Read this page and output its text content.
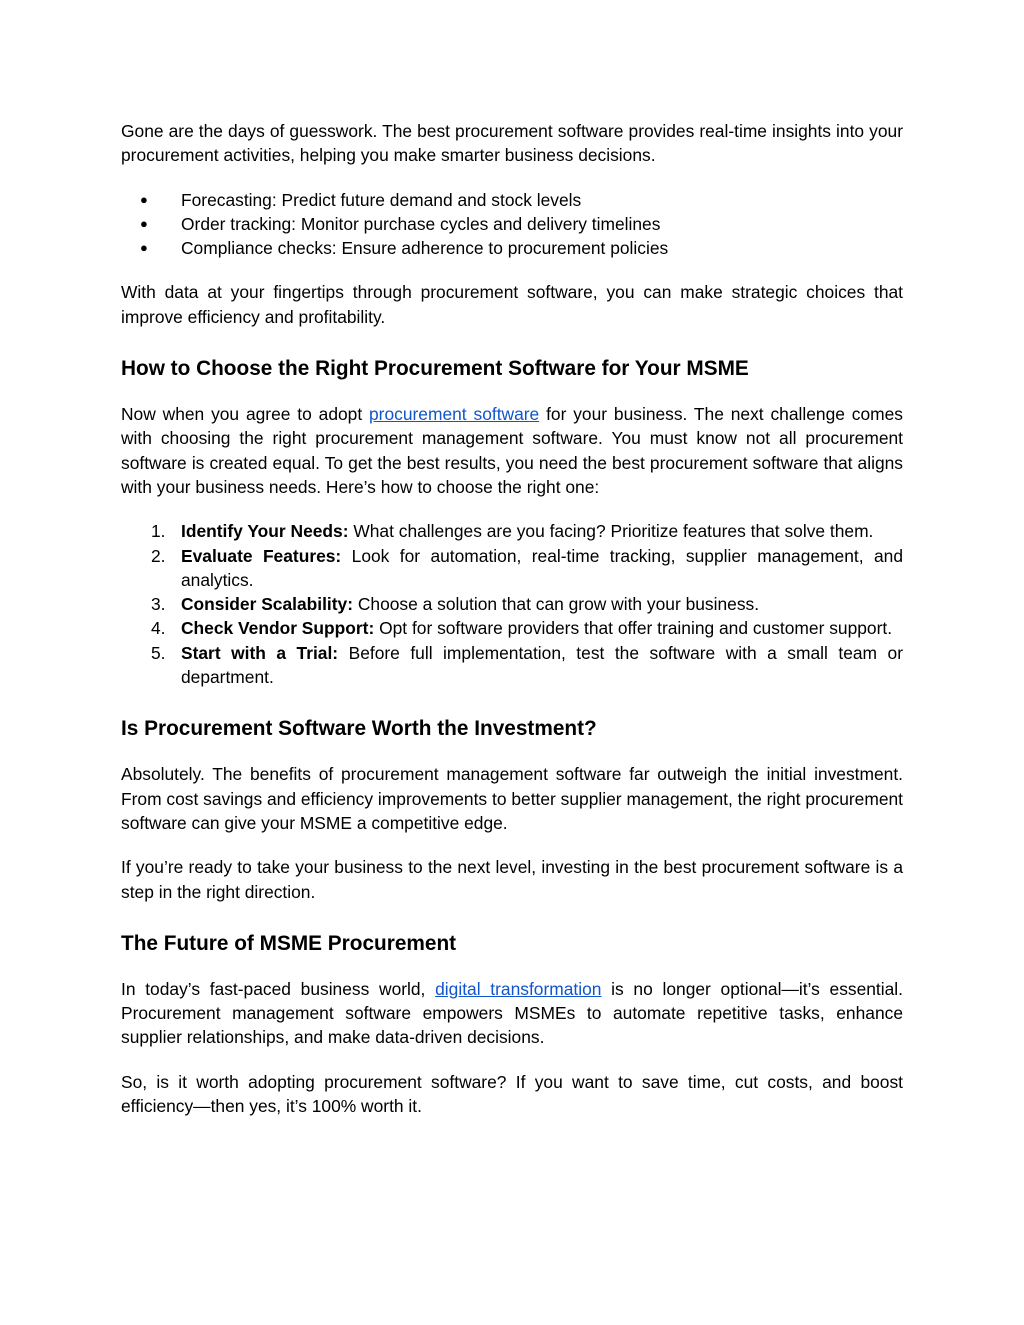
Gone are the days of guesswork. The best procurement software provides real-time insights into your procurement activities, helping you make smarter business decisions.

● Forecasting: Predict future demand and stock levels
● Order tracking: Monitor purchase cycles and delivery timelines
● Compliance checks: Ensure adherence to procurement policies

With data at your fingertips through procurement software, you can make strategic choices that improve efficiency and profitability.

How to Choose the Right Procurement Software for Your MSME

Now when you agree to adopt procurement software for your business. The next challenge comes with choosing the right procurement management software. You must know not all procurement software is created equal. To get the best results, you need the best procurement software that aligns with your business needs. Here’s how to choose the right one:

1. Identify Your Needs: What challenges are you facing? Prioritize features that solve them.
2. Evaluate Features: Look for automation, real-time tracking, supplier management, and analytics.
3. Consider Scalability: Choose a solution that can grow with your business.
4. Check Vendor Support: Opt for software providers that offer training and customer support.
5. Start with a Trial: Before full implementation, test the software with a small team or department.
Is Procurement Software Worth the Investment?

Absolutely. The benefits of procurement management software far outweigh the initial investment. From cost savings and efficiency improvements to better supplier management, the right procurement software can give your MSME a competitive edge.

If you’re ready to take your business to the next level, investing in the best procurement software is a step in the right direction.

The Future of MSME Procurement

In today’s fast-paced business world, digital transformation is no longer optional—it’s essential. Procurement management software empowers MSMEs to automate repetitive tasks, enhance supplier relationships, and make data-driven decisions.

So, is it worth adopting procurement software? If you want to save time, cut costs, and boost efficiency—then yes, it’s 100% worth it.
